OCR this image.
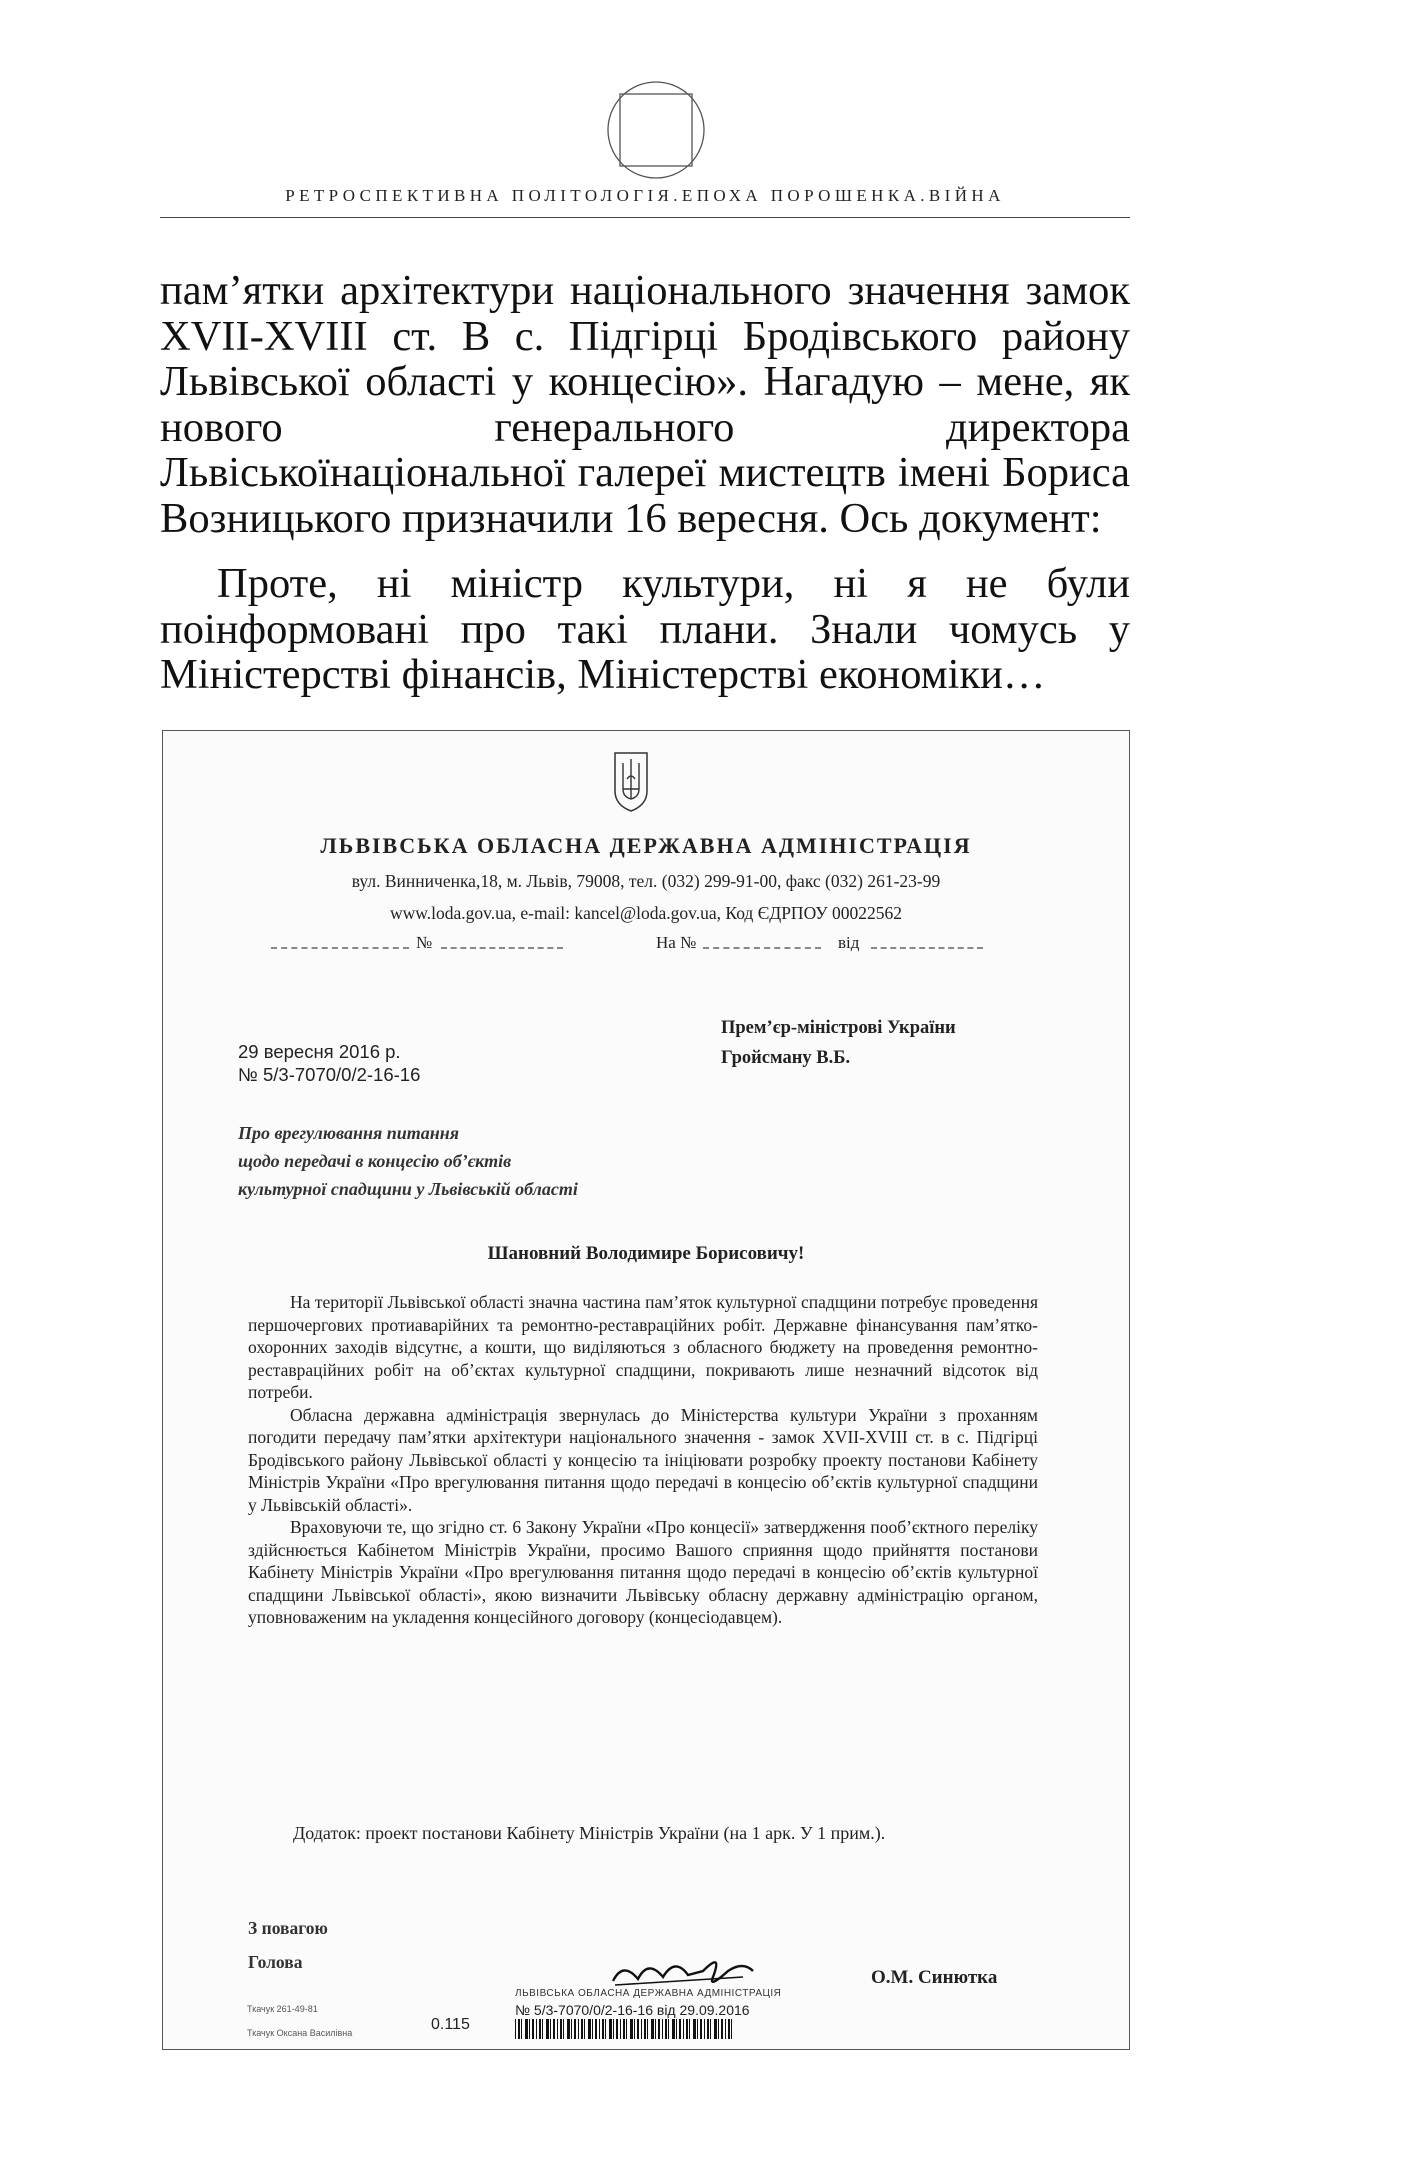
РЕТРОСПЕКТИВНА ПОЛІТОЛОГІЯ.ЕПОХА ПОРОШЕНКА.ВІЙНА

пам’ятки архітектури національного значення замок XVII-XVIII ст. В с. Підгірці Бродівського району Львівської області у концесію». Нагадую – мене, як нового генерального директора Львіськоїнаціональної галереї мистецтв імені Бориса Возницького призначили 16 вересня. Ось документ:

Проте, ні міністр культури, ні я не були поінформовані про такі плани. Знали чомусь у Міністерстві фінансів, Міністерстві економіки…

ЛЬВІВСЬКА ОБЛАСНА ДЕРЖАВНА АДМІНІСТРАЦІЯ
вул. Винниченка,18, м. Львів, 79008, тел. (032) 299-91-00, факс (032) 261-23-99
www.loda.gov.ua, e-mail: kancel@loda.gov.ua, Код ЄДРПОУ 00022562
№	На №	від
29 вересня 2016 р.
№ 5/3-7070/0/2-16-16
Прем’єр-міністрові України
Гройсману В.Б.
Про врегулювання питання
щодо передачі в концесію об’єктів
культурної спадщини у Львівській області
Шановний Володимире Борисовичу!

На території Львівської області значна частина пам’яток культурної спадщини потребує проведення першочергових протиаварійних та ремонтно-реставраційних робіт. Державне фінансування пам’ятко-охоронних заходів відсутнє, а кошти, що виділяються з обласного бюджету на проведення ремонтно-реставраційних робіт на об’єктах культурної спадщини, покривають лише незначний відсоток від потреби.

Обласна державна адміністрація звернулась до Міністерства культури України з проханням погодити передачу пам’ятки архітектури національного значення - замок XVII-XVIII ст. в с. Підгірці Бродівського району Львівської області у концесію та ініціювати розробку проекту постанови Кабінету Міністрів України «Про врегулювання питання щодо передачі в концесію об’єктів культурної спадщини у Львівській області».

Враховуючи те, що згідно ст. 6 Закону України «Про концесії» затвердження пооб’єктного переліку здійснюється Кабінетом Міністрів України, просимо Вашого сприяння щодо прийняття постанови Кабінету Міністрів України «Про врегулювання питання щодо передачі в концесію об’єктів культурної спадщини Львівської області», якою визначити Львівську обласну державну адміністрацію органом, уповноваженим на укладення концесійного договору (концесіодавцем).

Додаток: проект постанови Кабінету Міністрів України (на 1 арк. У 1 прим.).
З повагою
Голова
О.М. Синютка
ЛЬВІВСЬКА ОБЛАСНА ДЕРЖАВНА АДМІНІСТРАЦІЯ
№ 5/3-7070/0/2-16-16 від 29.09.2016
Ткачук 261-49-81
Ткачук Оксана Василівна	0.115
